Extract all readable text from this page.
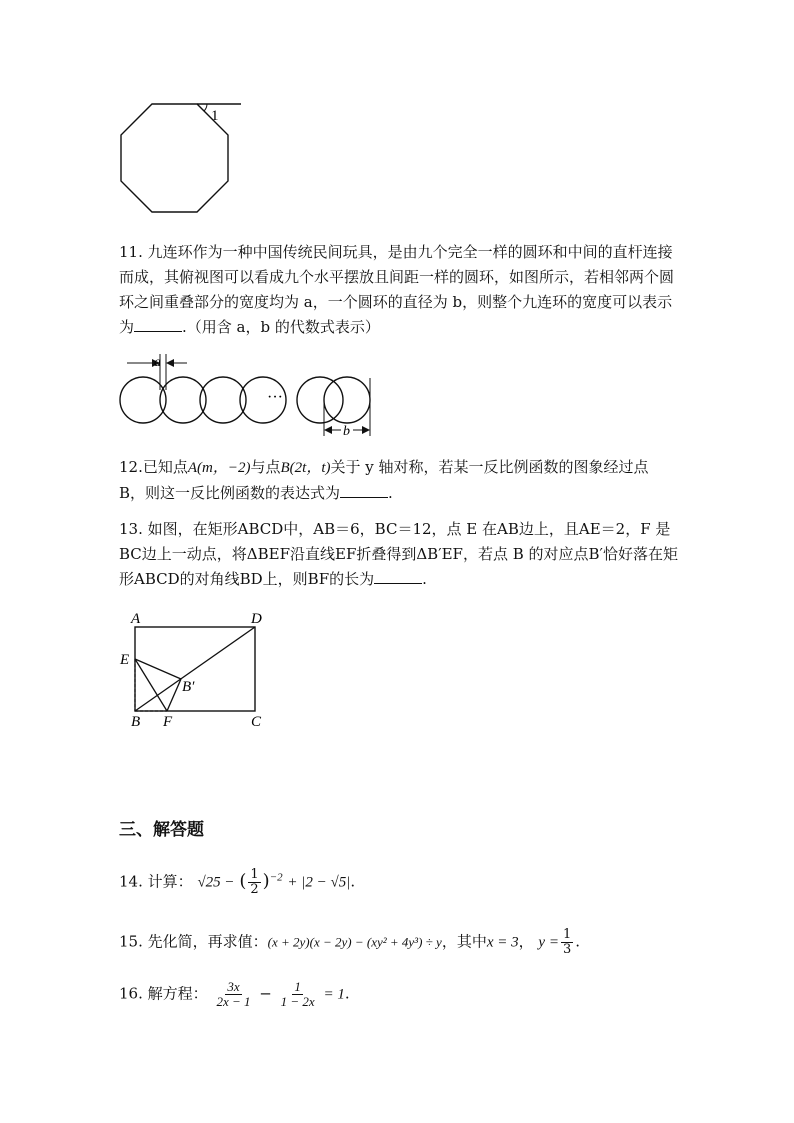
1

11. 九连环作为一种中国传统民间玩具，是由九个完全一样的圆环和中间的直杆连接而成，其俯视图可以看成九个水平摆放且间距一样的圆环，如图所示，若相邻两个圆环之间重叠部分的宽度均为 a，一个圆环的直径为 b，则整个九连环的宽度可以表示为	.（用含 a，b 的代数式表示）

···
a
b

12.已知点A(m，−2)与点B(2t，t)关于 y 轴对称，若某一反比例函数的图象经过点 B，则这一反比例函数的表达式为	.

13. 如图，在矩形ABCD中，AB＝6，BC＝12，点 E 在AB边上，且AE＝2，F 是BC边上一动点，将ΔBEF沿直线EF折叠得到ΔB′EF，若点 B 的对应点B′恰好落在矩形ABCD的对角线BD上，则BF的长为	.

A	D
E
B′
B F	C
三、解答题
14. 计算： √25 − ( $\frac{1}{2} )^{-2} + |2 - √5|$.
15. 先化简，再求值：(x + 2y)(x − 2y) − (xy² + 4y³) ÷ y，其中x = 3， $y = \frac{1}{3}$ .
16. 解方程： $\frac{3x}{2x - 1} - \frac{1}{1 - 2x} = 1$.
